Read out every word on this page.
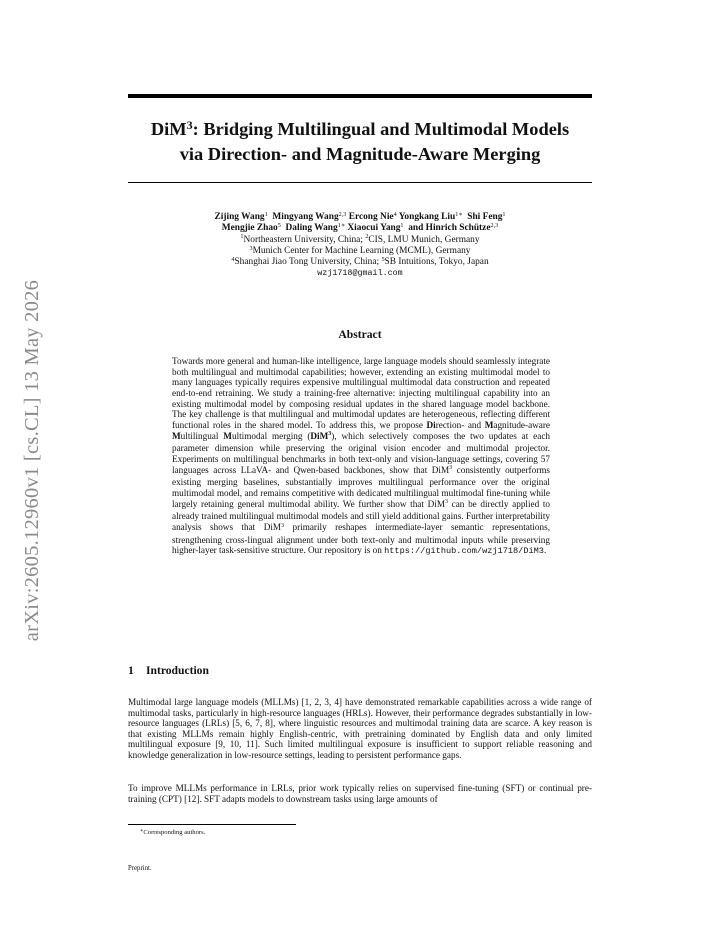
arXiv:2605.12960v1 [cs.CL] 13 May 2026
DiM$^3$: Bridging Multilingual and Multimodal Models
via Direction- and Magnitude-Aware Merging
Zijing Wang$^1$ Mingyang Wang$^{2,3}$ Ercong Nie$^4$ Yongkang Liu$^{1∗}$ Shi Feng$^1$
Mengjie Zhao$^5$ Daling Wang$^{1∗}$ Xiaocui Yang$^1$ and Hinrich Schütze$^{2,3}$
$^1$Northeastern University, China; $^2$CIS, LMU Munich, Germany
$^3$Munich Center for Machine Learning (MCML), Germany
$^4$Shanghai Jiao Tong University, China; $^5$SB Intuitions, Tokyo, Japan
wzj1718@gmail.com
Abstract

Towards more general and human-like intelligence, large language models should seamlessly integrate both multilingual and multimodal capabilities; however, extending an existing multimodal model to many languages typically requires expensive multilingual multimodal data construction and repeated end-to-end retraining. We study a training-free alternative: injecting multilingual capability into an existing multimodal model by composing residual updates in the shared language model backbone. The key challenge is that multilingual and multimodal updates are heterogeneous, reflecting different functional roles in the shared model. To address this, we propose Direction- and Magnitude-aware Multilingual Multimodal merging (DiM$^3$), which selectively composes the two updates at each parameter dimension while preserving the original vision encoder and multimodal projector. Experiments on multilingual benchmarks in both text-only and vision-language settings, covering 57 languages across LLaVA- and Qwen-based backbones, show that DiM$^3$ consistently outperforms existing merging baselines, substantially improves multilingual performance over the original multimodal model, and remains competitive with dedicated multilingual multimodal fine-tuning while largely retaining general multimodal ability. We further show that DiM$^3$ can be directly applied to already trained multilingual multimodal models and still yield additional gains. Further interpretability analysis shows that DiM$^3$ primarily reshapes intermediate-layer semantic representations, strengthening cross-lingual alignment under both text-only and multimodal inputs while preserving higher-layer task-sensitive structure. Our repository is on https://github.com/wzj1718/DiM3.

1 Introduction

Multimodal large language models (MLLMs) [1, 2, 3, 4] have demonstrated remarkable capabilities across a wide range of multimodal tasks, particularly in high-resource languages (HRLs). However, their performance degrades substantially in low-resource languages (LRLs) [5, 6, 7, 8], where linguistic resources and multimodal training data are scarce. A key reason is that existing MLLMs remain highly English-centric, with pretraining dominated by English data and only limited multilingual exposure [9, 10, 11]. Such limited multilingual exposure is insufficient to support reliable reasoning and knowledge generalization in low-resource settings, leading to persistent performance gaps.

To improve MLLMs performance in LRLs, prior work typically relies on supervised fine-tuning (SFT) or continual pre-training (CPT) [12]. SFT adapts models to downstream tasks using large amounts of

∗Corresponding authors.

Preprint.
